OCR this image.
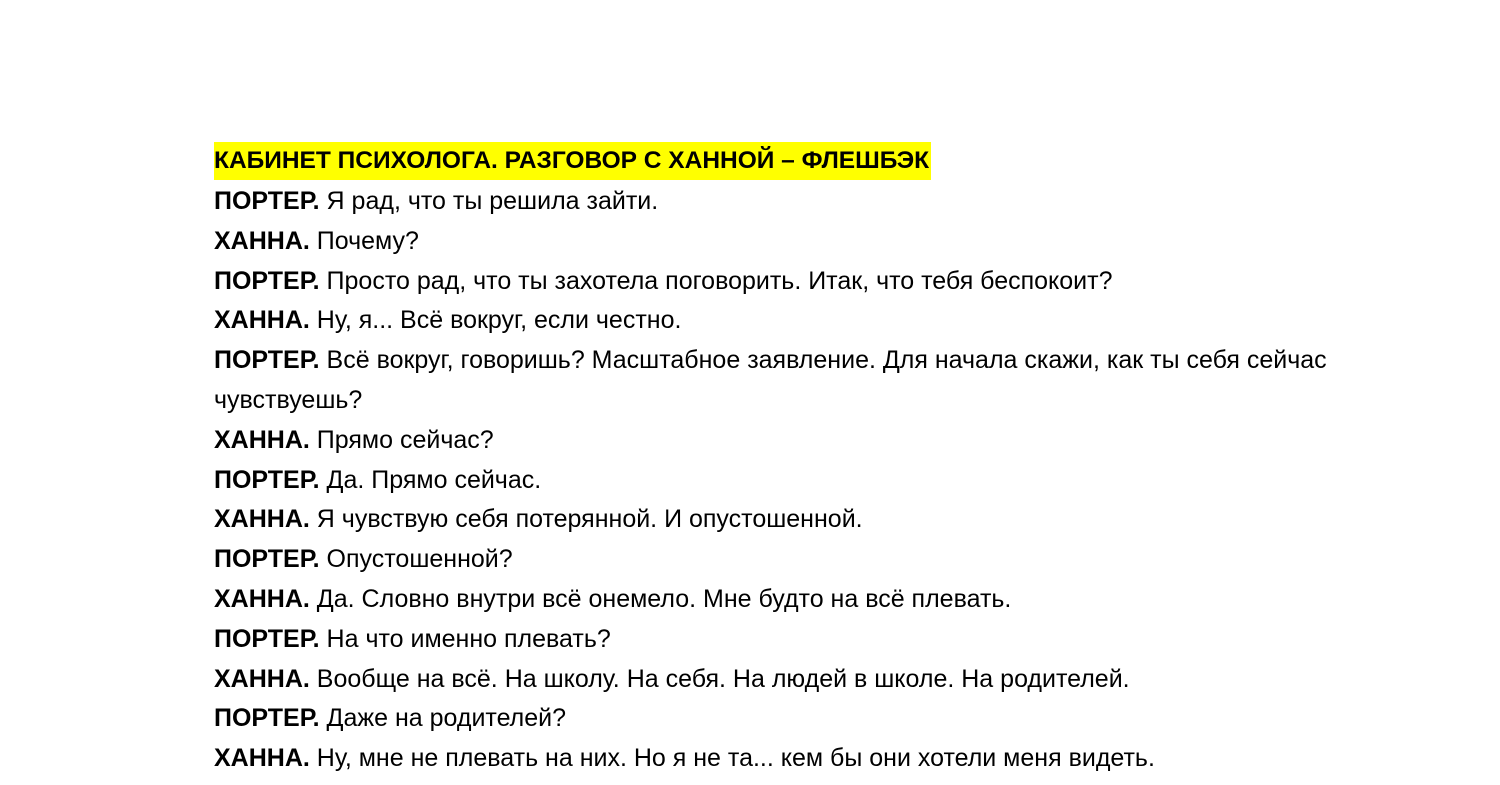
КАБИНЕТ ПСИХОЛОГА. РАЗГОВОР С ХАННОЙ – ФЛЕШБЭК
ПОРТЕР. Я рад, что ты решила зайти.
ХАННА. Почему?
ПОРТЕР. Просто рад, что ты захотела поговорить. Итак, что тебя беспокоит?
ХАННА. Ну, я... Всё вокруг, если честно.
ПОРТЕР. Всё вокруг, говоришь? Масштабное заявление. Для начала скажи, как ты себя сейчас чувствуешь?
ХАННА. Прямо сейчас?
ПОРТЕР. Да. Прямо сейчас.
ХАННА. Я чувствую себя потерянной. И опустошенной.
ПОРТЕР. Опустошенной?
ХАННА. Да. Словно внутри всё онемело. Мне будто на всё плевать.
ПОРТЕР. На что именно плевать?
ХАННА. Вообще на всё. На школу. На себя. На людей в школе. На родителей.
ПОРТЕР. Даже на родителей?
ХАННА. Ну, мне не плевать на них. Но я не та... кем бы они хотели меня видеть.
